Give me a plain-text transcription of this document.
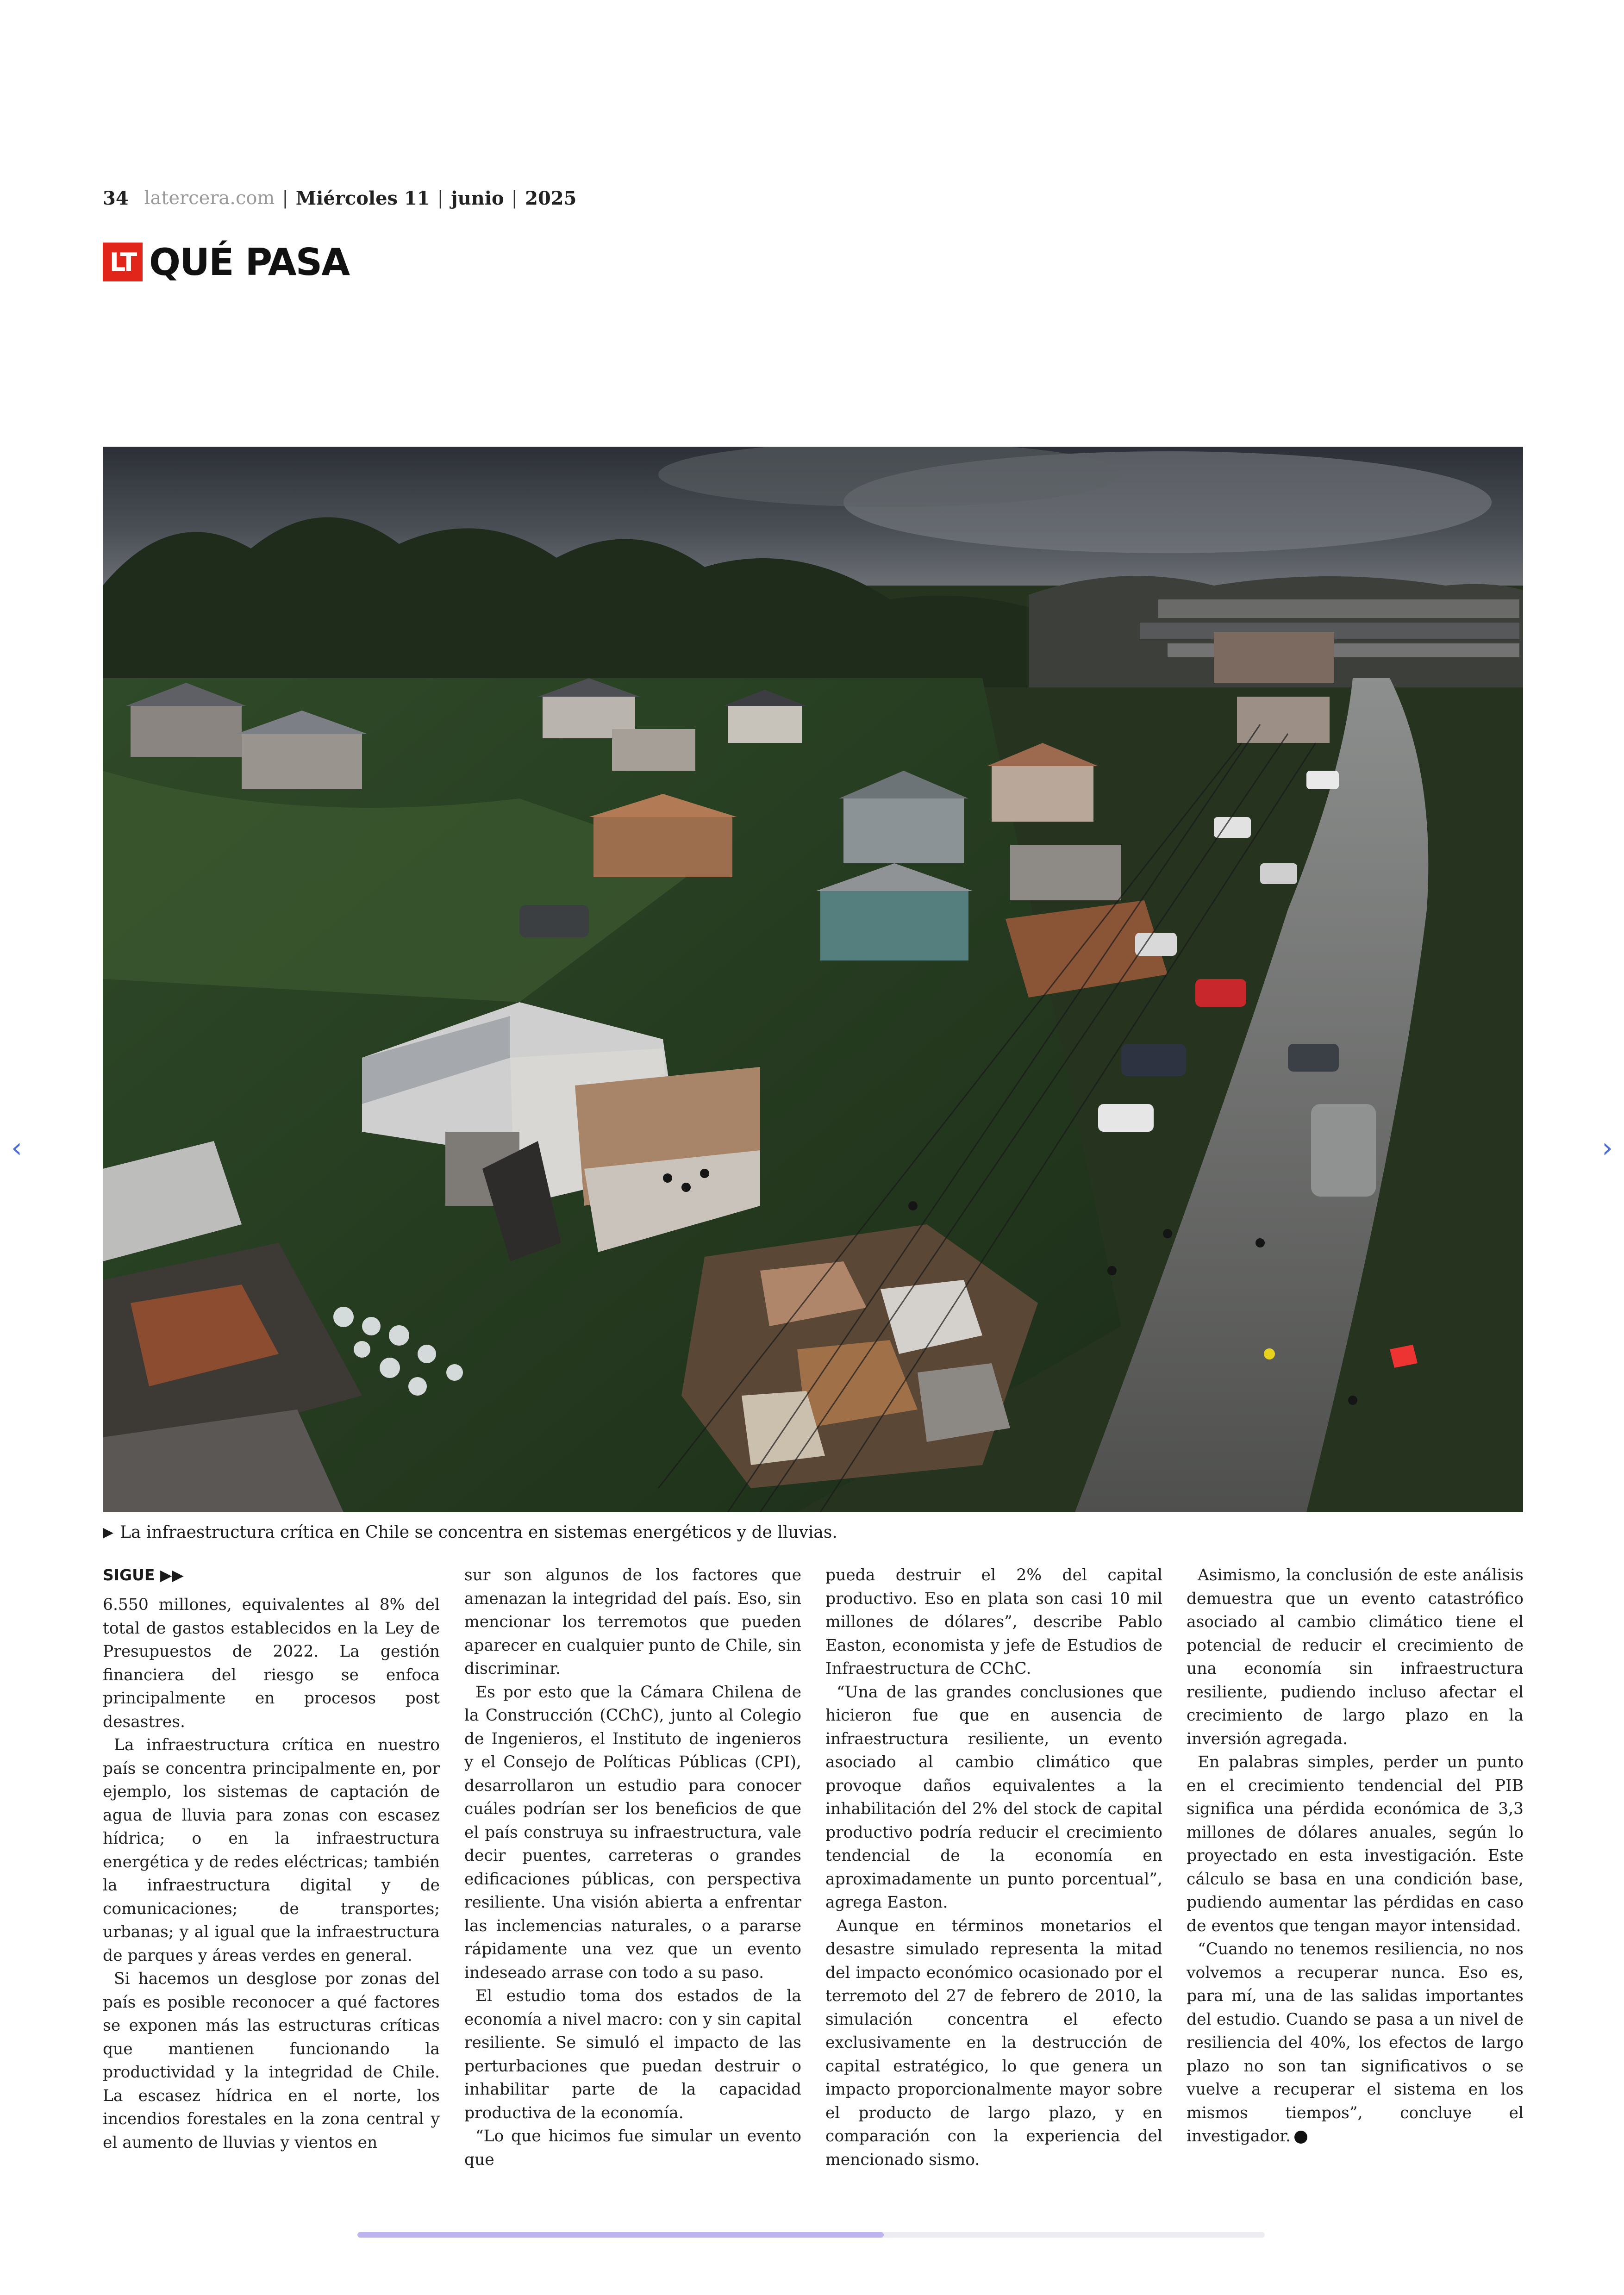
34 latercera.com | Miércoles 11 | junio | 2025
LT QUÉ PASA
▶ La infraestructura crítica en Chile se concentra en sistemas energéticos y de lluvias.
SIGUE ▶▶

6.550 millones, equivalentes al 8% del total de gastos establecidos en la Ley de Presupuestos de 2022. La gestión financiera del riesgo se enfoca principalmente en procesos post desastres.

La infraestructura crítica en nuestro país se concentra principalmente en, por ejemplo, los sistemas de captación de agua de lluvia para zonas con escasez hídrica; o en la infraestructura energética y de redes eléctricas; también la infraestructura digital y de comunicaciones; de transportes; urbanas; y al igual que la infraestructura de parques y áreas verdes en general.

Si hacemos un desglose por zonas del país es posible reconocer a qué factores se exponen más las estructuras críticas que mantienen funcionando la productividad y la integridad de Chile. La escasez hídrica en el norte, los incendios forestales en la zona central y el aumento de lluvias y vientos en

sur son algunos de los factores que amenazan la integridad del país. Eso, sin mencionar los terremotos que pueden aparecer en cualquier punto de Chile, sin discriminar.

Es por esto que la Cámara Chilena de la Construcción (CChC), junto al Colegio de Ingenieros, el Instituto de ingenieros y el Consejo de Políticas Públicas (CPI), desarrollaron un estudio para conocer cuáles podrían ser los beneficios de que el país construya su infraestructura, vale decir puentes, carreteras o grandes edificaciones públicas, con perspectiva resiliente. Una visión abierta a enfrentar las inclemencias naturales, o a pararse rápidamente una vez que un evento indeseado arrase con todo a su paso.

El estudio toma dos estados de la economía a nivel macro: con y sin capital resiliente. Se simuló el impacto de las perturbaciones que puedan destruir o inhabilitar parte de la capacidad productiva de la economía.

“Lo que hicimos fue simular un evento que

pueda destruir el 2% del capital productivo. Eso en plata son casi 10 mil millones de dólares”, describe Pablo Easton, economista y jefe de Estudios de Infraestructura de CChC.

“Una de las grandes conclusiones que hicieron fue que en ausencia de infraestructura resiliente, un evento asociado al cambio climático que provoque daños equivalentes a la inhabilitación del 2% del stock de capital productivo podría reducir el crecimiento tendencial de la economía en aproximadamente un punto porcentual”, agrega Easton.

Aunque en términos monetarios el desastre simulado representa la mitad del impacto económico ocasionado por el terremoto del 27 de febrero de 2010, la simulación concentra el efecto exclusivamente en la destrucción de capital estratégico, lo que genera un impacto proporcionalmente mayor sobre el producto de largo plazo, y en comparación con la experiencia del mencionado sismo.

Asimismo, la conclusión de este análisis demuestra que un evento catastrófico asociado al cambio climático tiene el potencial de reducir el crecimiento de una economía sin infraestructura resiliente, pudiendo incluso afectar el crecimiento de largo plazo en la inversión agregada.

En palabras simples, perder un punto en el crecimiento tendencial del PIB significa una pérdida económica de 3,3 millones de dólares anuales, según lo proyectado en esta investigación. Este cálculo se basa en una condición base, pudiendo aumentar las pérdidas en caso de eventos que tengan mayor intensidad.

“Cuando no tenemos resiliencia, no nos volvemos a recuperar nunca. Eso es, para mí, una de las salidas importantes del estudio. Cuando se pasa a un nivel de resiliencia del 40%, los efectos de largo plazo no son tan significativos o se vuelve a recuperar el sistema en los mismos tiempos”, concluye el investigador.

‹	›
